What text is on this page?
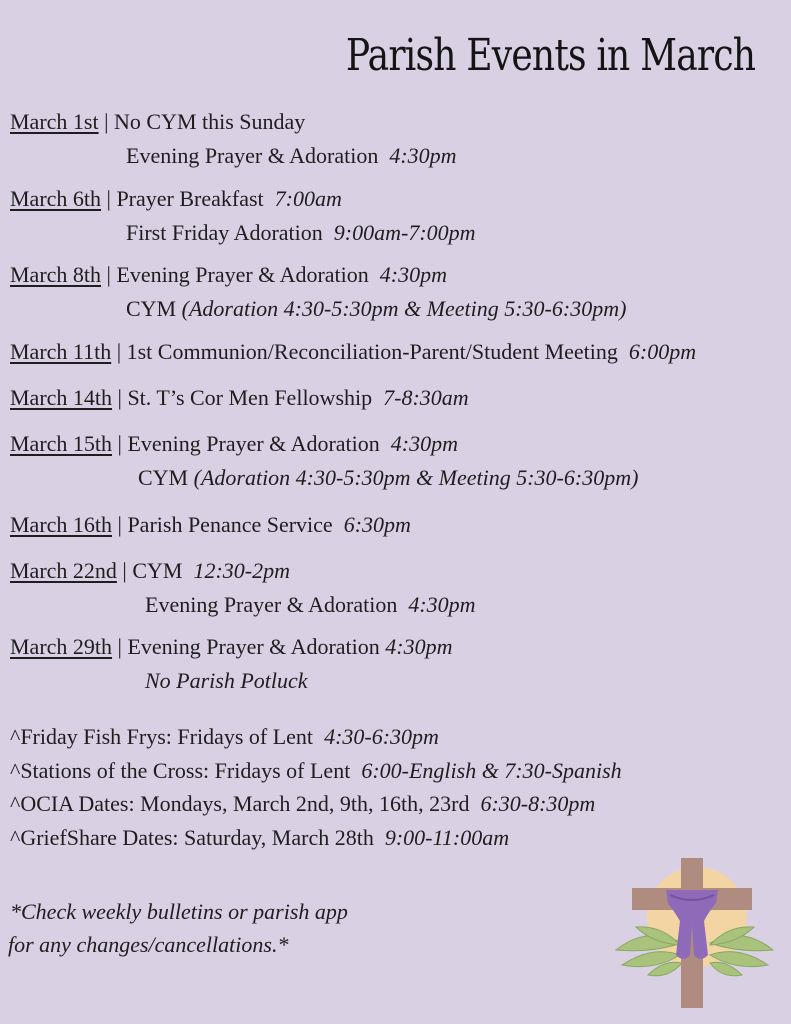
Parish Events in March
March 1st | No CYM this Sunday
Evening Prayer & Adoration 4:30pm
March 6th | Prayer Breakfast 7:00am
First Friday Adoration 9:00am-7:00pm
March 8th | Evening Prayer & Adoration 4:30pm
CYM (Adoration 4:30-5:30pm & Meeting 5:30-6:30pm)
March 11th | 1st Communion/Reconciliation-Parent/Student Meeting 6:00pm
March 14th | St. T’s Cor Men Fellowship 7-8:30am
March 15th | Evening Prayer & Adoration 4:30pm
CYM (Adoration 4:30-5:30pm & Meeting 5:30-6:30pm)
March 16th | Parish Penance Service 6:30pm
March 22nd | CYM 12:30-2pm
Evening Prayer & Adoration 4:30pm
March 29th | Evening Prayer & Adoration 4:30pm
No Parish Potluck
^Friday Fish Frys: Fridays of Lent 4:30-6:30pm
^Stations of the Cross: Fridays of Lent 6:00-English & 7:30-Spanish
^OCIA Dates: Mondays, March 2nd, 9th, 16th, 23rd 6:30-8:30pm
^GriefShare Dates: Saturday, March 28th 9:00-11:00am
*Check weekly bulletins or parish app
for any changes/cancellations.*
